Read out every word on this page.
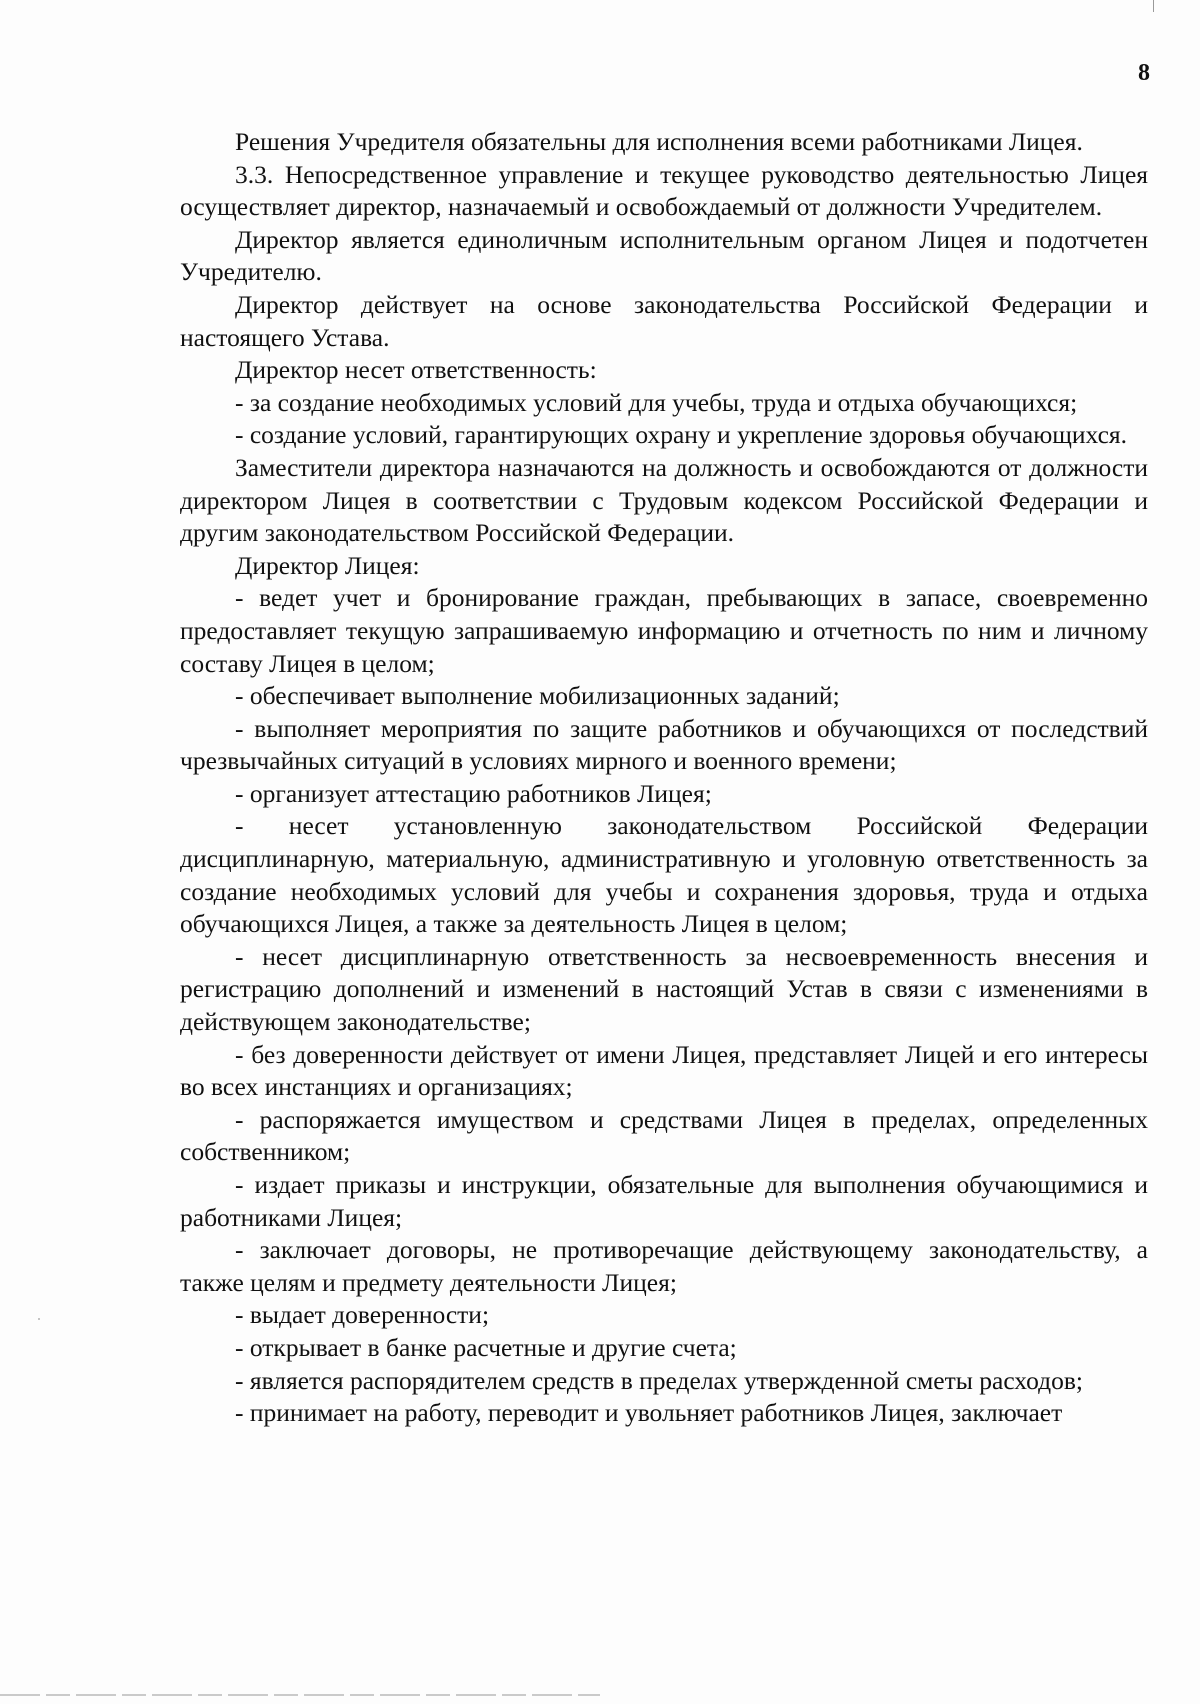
8

Решения Учредителя обязательны для исполнения всеми работниками Лицея.

3.3. Непосредственное управление и текущее руководство деятельностью Лицея осуществляет директор, назначаемый и освобождаемый от должности Учредителем.

Директор является единоличным исполнительным органом Лицея и подотчетен Учредителю.

Директор действует на основе законодательства Российской Федерации и настоящего Устава.

Директор несет ответственность:

- за создание необходимых условий для учебы, труда и отдыха обучающихся;

- создание условий, гарантирующих охрану и укрепление здоровья обучающихся.

Заместители директора назначаются на должность и освобождаются от должности директором Лицея в соответствии с Трудовым кодексом Российской Федерации и другим законодательством Российской Федерации.

Директор Лицея:

- ведет учет и бронирование граждан, пребывающих в запасе, своевременно предоставляет текущую запрашиваемую информацию и отчетность по ним и личному составу Лицея в целом;

- обеспечивает выполнение мобилизационных заданий;

- выполняет мероприятия по защите работников и обучающихся от последствий чрезвычайных ситуаций в условиях мирного и военного времени;

- организует аттестацию работников Лицея;

- несет установленную законодательством Российской Федерации дисциплинарную, материальную, административную и уголовную ответственность за создание необходимых условий для учебы и сохранения здоровья, труда и отдыха обучающихся Лицея, а также за деятельность Лицея в целом;

- несет дисциплинарную ответственность за несвоевременность внесения и регистрацию дополнений и изменений в настоящий Устав в связи с изменениями в действующем законодательстве;

- без доверенности действует от имени Лицея, представляет Лицей и его интересы во всех инстанциях и организациях;

- распоряжается имуществом и средствами Лицея в пределах, определенных собственником;

- издает приказы и инструкции, обязательные для выполнения обучающимися и работниками Лицея;

- заключает договоры, не противоречащие действующему законодательству, а также целям и предмету деятельности Лицея;

- выдает доверенности;

- открывает в банке расчетные и другие счета;

- является распорядителем средств в пределах утвержденной сметы расходов;

- принимает на работу, переводит и увольняет работников Лицея, заключает
